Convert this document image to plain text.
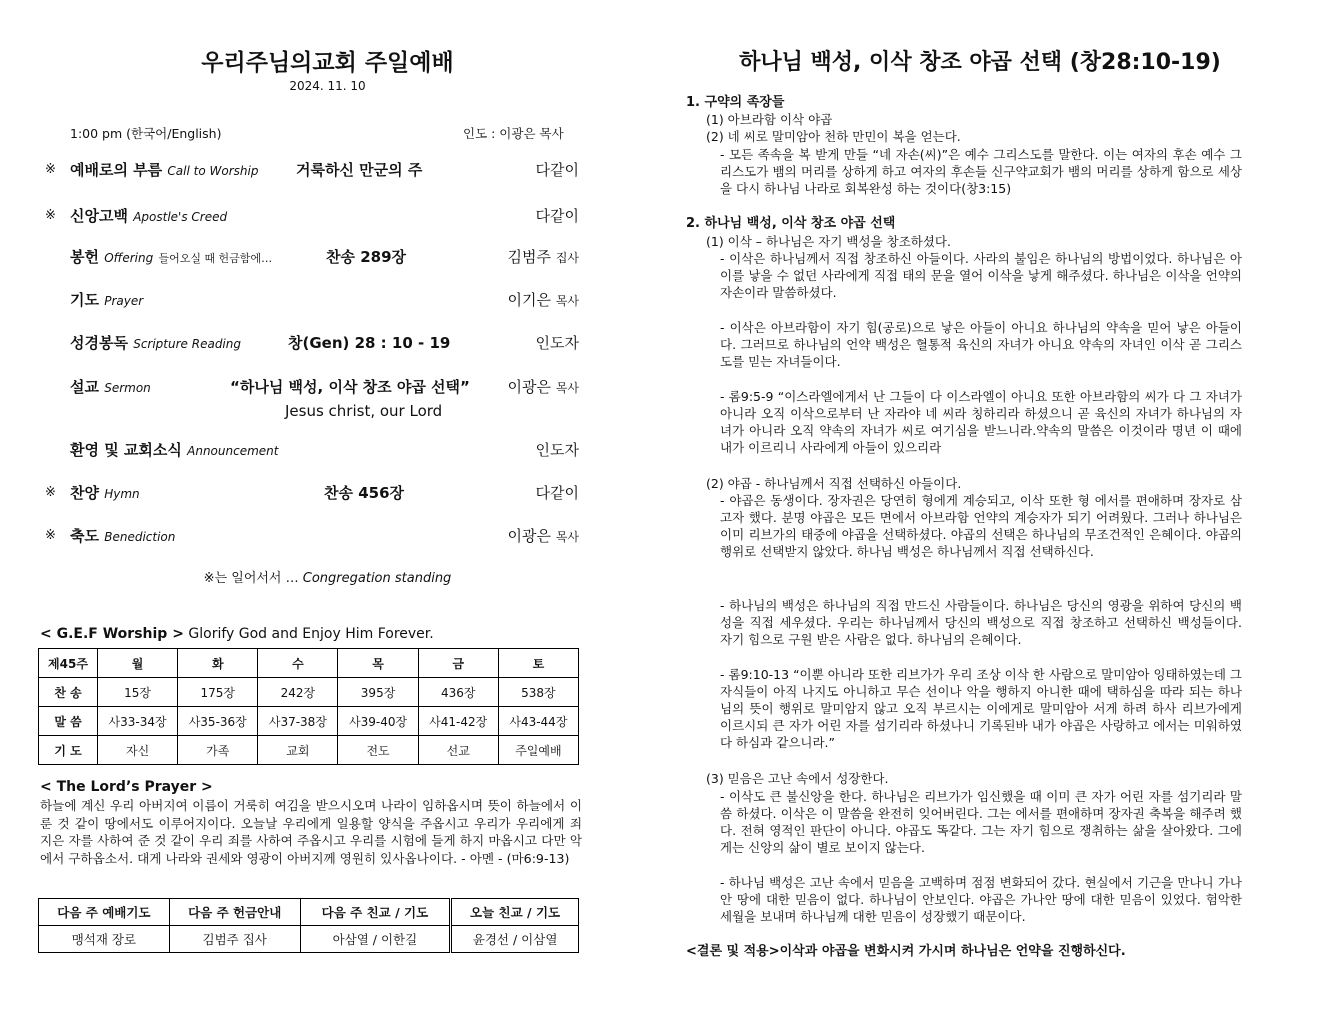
우리주님의교회 주일예배
2024. 11. 10
1:00 pm (한국어/English)	인도 : 이광은 목사
※ 예배로의 부름 Call to Worship	거룩하신 만군의 주	다같이
※ 신앙고백 Apostle's Creed	다같이
봉헌 Offering 들어오실 때 헌금함에…	찬송 289장	김범주 집사
기도 Prayer	이기은 목사
성경봉독 Scripture Reading	창(Gen) 28 : 10 - 19	인도자
설교 Sermon	“하나님 백성, 이삭 창조 야곱 선택”	이광은 목사
Jesus christ, our Lord
환영 및 교회소식 Announcement	인도자
※ 찬양 Hymn	찬송 456장	다같이
※ 축도 Benediction	이광은 목사
※는 일어서서 … Congregation standing
< G.E.F Worship > Glorify God and Enjoy Him Forever.
제45주	월	화	수	목	금	토
찬 송	15장	175장	242장	395장	436장	538장
말 씀	사33-34장	사35-36장	사37-38장	사39-40장	사41-42장	사43-44장
기 도	자신	가족	교회	전도	선교	주일예배
< The Lord’s Prayer >
하늘에 계신 우리 아버지여 이름이 거룩히 여김을 받으시오며 나라이 임하옵시며 뜻이 하늘에서 이룬 것 같이 땅에서도 이루어지이다. 오늘날 우리에게 일용할 양식을 주옵시고 우리가 우리에게 죄 지은 자를 사하여 준 것 같이 우리 죄를 사하여 주옵시고 우리를 시험에 들게 하지 마옵시고 다만 악에서 구하옵소서. 대게 나라와 권세와 영광이 아버지께 영원히 있사옵나이다. - 아멘 - (마6:9-13)
다음 주 예배기도	다음 주 헌금안내	다음 주 친교 / 기도	오늘 친교 / 기도
맹석재 장로	김범주 집사	아삼열 / 이한길	윤경선 / 이삼열
하나님 백성, 이삭 창조 야곱 선택 (창28:10-19)
1. 구약의 족장들
(1) 아브라함 이삭 야곱
(2) 네 씨로 말미암아 천하 만민이 복을 얻는다.
- 모든 족속을 복 받게 만들 “네 자손(씨)”은 예수 그리스도를 말한다. 이는 여자의 후손 예수 그리스도가 뱀의 머리를 상하게 하고 여자의 후손들 신구약교회가 뱀의 머리를 상하게 함으로 세상을 다시 하나님 나라로 회복완성 하는 것이다(창3:15)
2. 하나님 백성, 이삭 창조 야곱 선택
(1) 이삭 – 하나님은 자기 백성을 창조하셨다.
- 이삭은 하나님께서 직접 창조하신 아들이다. 사라의 불임은 하나님의 방법이었다. 하나님은 아이를 낳을 수 없던 사라에게 직접 태의 문을 열어 이삭을 낳게 해주셨다. 하나님은 이삭을 언약의 자손이라 말씀하셨다.
- 이삭은 아브라함이 자기 힘(공로)으로 낳은 아들이 아니요 하나님의 약속을 믿어 낳은 아들이다. 그러므로 하나님의 언약 백성은 혈통적 육신의 자녀가 아니요 약속의 자녀인 이삭 곧 그리스도를 믿는 자녀들이다.
- 롬9:5-9 “이스라엘에게서 난 그들이 다 이스라엘이 아니요 또한 아브라함의 씨가 다 그 자녀가 아니라 오직 이삭으로부터 난 자라야 네 씨라 칭하리라 하셨으니 곧 육신의 자녀가 하나님의 자녀가 아니라 오직 약속의 자녀가 씨로 여기심을 받느니라.약속의 말씀은 이것이라 명년 이 때에 내가 이르리니 사라에게 아들이 있으리라
(2) 야곱 - 하나님께서 직접 선택하신 아들이다.
- 야곱은 동생이다. 장자권은 당연히 형에게 계승되고, 이삭 또한 형 에서를 편애하며 장자로 삼고자 했다. 분명 야곱은 모든 면에서 아브라함 언약의 계승자가 되기 어려웠다. 그러나 하나님은 이미 리브가의 태중에 야곱을 선택하셨다. 야곱의 선택은 하나님의 무조건적인 은혜이다. 야곱의 행위로 선택받지 않았다. 하나님 백성은 하나님께서 직접 선택하신다.
- 하나님의 백성은 하나님의 직접 만드신 사람들이다. 하나님은 당신의 영광을 위하여 당신의 백성을 직접 세우셨다. 우리는 하나님께서 당신의 백성으로 직접 창조하고 선택하신 백성들이다. 자기 힘으로 구원 받은 사람은 없다. 하나님의 은혜이다.
- 롬9:10-13 “이뿐 아니라 또한 리브가가 우리 조상 이삭 한 사람으로 말미암아 잉태하였는데 그 자식들이 아직 나지도 아니하고 무슨 선이나 악을 행하지 아니한 때에 택하심을 따라 되는 하나님의 뜻이 행위로 말미암지 않고 오직 부르시는 이에게로 말미암아 서게 하려 하사 리브가에게 이르시되 큰 자가 어린 자를 섬기리라 하셨나니 기록된바 내가 야곱은 사랑하고 에서는 미워하였다 하심과 같으니라.”
(3) 믿음은 고난 속에서 성장한다.
- 이삭도 큰 불신앙을 한다. 하나님은 리브가가 임신했을 때 이미 큰 자가 어린 자를 섬기리라 말씀 하셨다. 이삭은 이 말씀을 완전히 잊어버린다. 그는 에서를 편애하며 장자권 축복을 해주려 했다. 전혀 영적인 판단이 아니다. 야곱도 똑같다. 그는 자기 힘으로 쟁취하는 삶을 살아왔다. 그에게는 신앙의 삶이 별로 보이지 않는다.
- 하나님 백성은 고난 속에서 믿음을 고백하며 점점 변화되어 갔다. 현실에서 기근을 만나니 가나안 땅에 대한 믿음이 없다. 하나님이 안보인다. 야곱은 가나안 땅에 대한 믿음이 있었다. 험악한 세월을 보내며 하나님께 대한 믿음이 성장했기 때문이다.
<결론 및 적용>이삭과 야곱을 변화시켜 가시며 하나님은 언약을 진행하신다.
